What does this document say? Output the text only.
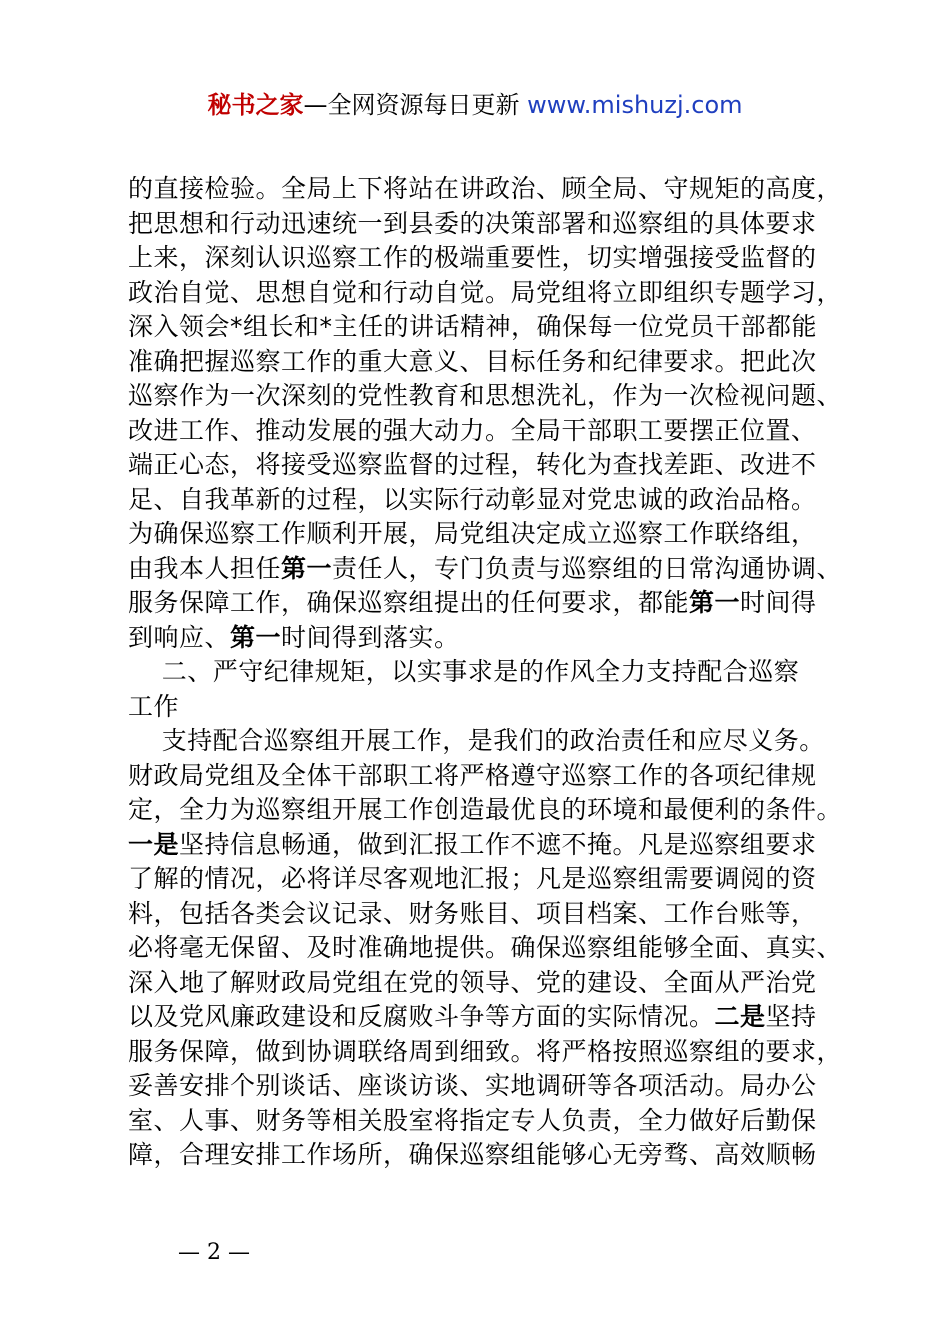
秘书之家—全网资源每日更新 www.mishuzj.com

的直接检验。全局上下将站在讲政治、顾全局、守规矩的高度，

把思想和行动迅速统一到县委的决策部署和巡察组的具体要求

上来，深刻认识巡察工作的极端重要性，切实增强接受监督的

政治自觉、思想自觉和行动自觉。局党组将立即组织专题学习，

深入领会*组长和*主任的讲话精神，确保每一位党员干部都能

准确把握巡察工作的重大意义、目标任务和纪律要求。把此次

巡察作为一次深刻的党性教育和思想洗礼，作为一次检视问题、

改进工作、推动发展的强大动力。全局干部职工要摆正位置、

端正心态，将接受巡察监督的过程，转化为查找差距、改进不

足、自我革新的过程，以实际行动彰显对党忠诚的政治品格。

为确保巡察工作顺利开展，局党组决定成立巡察工作联络组，

由我本人担任第一责任人，专门负责与巡察组的日常沟通协调、

服务保障工作，确保巡察组提出的任何要求，都能第一时间得

到响应、第一时间得到落实。

二、严守纪律规矩，以实事求是的作风全力支持配合巡察

工作

支持配合巡察组开展工作，是我们的政治责任和应尽义务。

财政局党组及全体干部职工将严格遵守巡察工作的各项纪律规

定，全力为巡察组开展工作创造最优良的环境和最便利的条件。

一是坚持信息畅通，做到汇报工作不遮不掩。凡是巡察组要求

了解的情况，必将详尽客观地汇报；凡是巡察组需要调阅的资

料，包括各类会议记录、财务账目、项目档案、工作台账等，

必将毫无保留、及时准确地提供。确保巡察组能够全面、真实、

深入地了解财政局党组在党的领导、党的建设、全面从严治党

以及党风廉政建设和反腐败斗争等方面的实际情况。二是坚持

服务保障，做到协调联络周到细致。将严格按照巡察组的要求，

妥善安排个别谈话、座谈访谈、实地调研等各项活动。局办公

室、人事、财务等相关股室将指定专人负责，全力做好后勤保

障，合理安排工作场所，确保巡察组能够心无旁骛、高效顺畅

— 2 —
